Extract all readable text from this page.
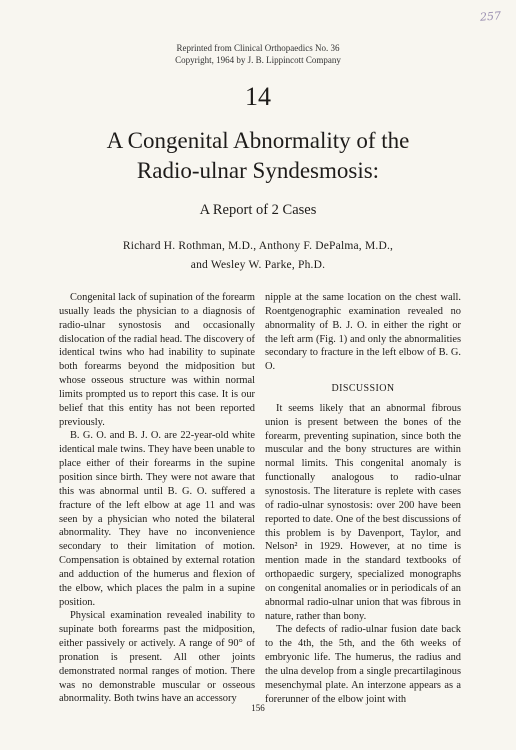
257
Reprinted from Clinical Orthopaedics No. 36
Copyright, 1964 by J. B. Lippincott Company
14
A Congenital Abnormality of the
Radio-ulnar Syndesmosis:
A Report of 2 Cases
Richard H. Rothman, M.D., Anthony F. DePalma, M.D.,
and Wesley W. Parke, Ph.D.

Congenital lack of supination of the forearm usually leads the physician to a diagnosis of radio-ulnar synostosis and occasionally dislocation of the radial head. The discovery of identical twins who had inability to supinate both forearms beyond the midposition but whose osseous structure was within normal limits prompted us to report this case. It is our belief that this entity has not been reported previously.

B. G. O. and B. J. O. are 22-year-old white identical male twins. They have been unable to place either of their forearms in the supine position since birth. They were not aware that this was abnormal until B. G. O. suffered a fracture of the left elbow at age 11 and was seen by a physician who noted the bilateral abnormality. They have no inconvenience secondary to their limitation of motion. Compensation is obtained by external rotation and adduction of the humerus and flexion of the elbow, which places the palm in a supine position.

Physical examination revealed inability to supinate both forearms past the midposition, either passively or actively. A range of 90° of pronation is present. All other joints demonstrated normal ranges of motion. There was no demonstrable muscular or osseous abnormality. Both twins have an accessory

nipple at the same location on the chest wall. Roentgenographic examination revealed no abnormality of B. J. O. in either the right or the left arm (Fig. 1) and only the abnormalities secondary to fracture in the left elbow of B. G. O.

DISCUSSION

It seems likely that an abnormal fibrous union is present between the bones of the forearm, preventing supination, since both the muscular and the bony structures are within normal limits. This congenital anomaly is functionally analogous to radio-ulnar synostosis. The literature is replete with cases of radio-ulnar synostosis: over 200 have been reported to date. One of the best discussions of this problem is by Davenport, Taylor, and Nelson² in 1929. However, at no time is mention made in the standard textbooks of orthopaedic surgery, specialized monographs on congenital anomalies or in periodicals of an abnormal radio-ulnar union that was fibrous in nature, rather than bony.

The defects of radio-ulnar fusion date back to the 4th, the 5th, and the 6th weeks of embryonic life. The humerus, the radius and the ulna develop from a single precartilaginous mesenchymal plate. An interzone appears as a forerunner of the elbow joint with

156
